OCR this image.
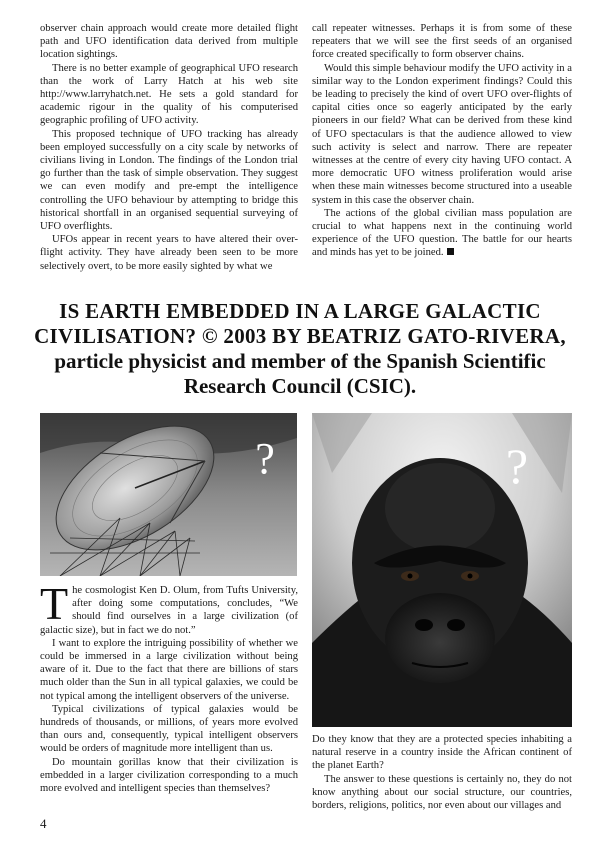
observer chain approach would create more detailed flight path and UFO identification data derived from multiple location sightings.

There is no better example of geographical UFO research than the work of Larry Hatch at his web site http://www.larryhatch.net. He sets a gold standard for academic rigour in the quality of his computerised geographic profiling of UFO activity.

This proposed technique of UFO tracking has already been employed successfully on a city scale by networks of civilians living in London. The findings of the London trial go further than the task of simple observation. They suggest we can even modify and pre-empt the intelligence controlling the UFO behaviour by attempting to bridge this historical shortfall in an organised sequential surveying of UFO overflights.

UFOs appear in recent years to have altered their over-flight activity. They have already been seen to be more selectively overt, to be more easily sighted by what we

call repeater witnesses. Perhaps it is from some of these repeaters that we will see the first seeds of an organised force created specifically to form observer chains.

Would this simple behaviour modify the UFO activity in a similar way to the London experiment findings? Could this be leading to precisely the kind of overt UFO over-flights of capital cities once so eagerly anticipated by the early pioneers in our field? What can be derived from these kind of UFO spectaculars is that the audience allowed to view such activity is select and narrow. There are repeater witnesses at the centre of every city having UFO contact. A more democratic UFO witness proliferation would arise when these main witnesses become structured into a useable system in this case the observer chain.

The actions of the global civilian mass population are crucial to what happens next in the continuing world experience of the UFO question. The battle for our hearts and minds has yet to be joined.

IS EARTH EMBEDDED IN A LARGE GALACTIC
CIVILISATION? © 2003 BY BEATRIZ GATO-RIVERA,
particle physicist and member of the Spanish Scientific
Research Council (CSIC).
?	?

The cosmologist Ken D. Olum, from Tufts University, after doing some computations, concludes, “We should find ourselves in a large civilization (of galactic size), but in fact we do not.”

I want to explore the intriguing possibility of whether we could be immersed in a large civilization without being aware of it. Due to the fact that there are billions of stars much older than the Sun in all typical galaxies, we could be not typical among the intelligent observers of the universe.

Typical civilizations of typical galaxies would be hundreds of thousands, or millions, of years more evolved than ours and, consequently, typical intelligent observers would be orders of magnitude more intelligent than us.

Do mountain gorillas know that their civilization is embedded in a larger civilization corresponding to a much more evolved and intelligent species than themselves?

Do they know that they are a protected species inhabiting a natural reserve in a country inside the African continent of the planet Earth?

The answer to these questions is certainly no, they do not know anything about our social structure, our countries, borders, religions, politics, nor even about our villages and

4
